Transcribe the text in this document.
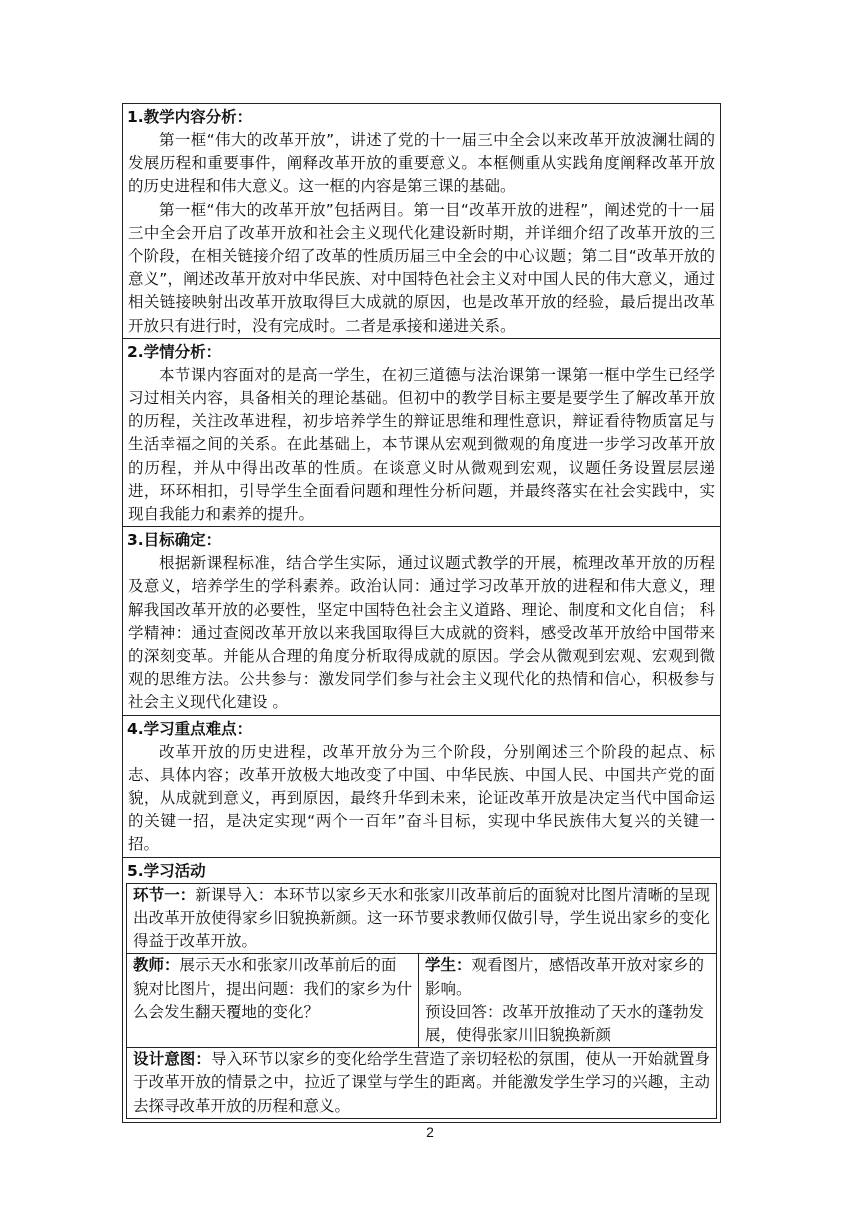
1.教学内容分析：

第一框“伟大的改革开放”，讲述了党的十一届三中全会以来改革开放波澜壮阔的发展历程和重要事件，阐释改革开放的重要意义。本框侧重从实践角度阐释改革开放的历史进程和伟大意义。这一框的内容是第三课的基础。

第一框“伟大的改革开放”包括两目。第一目“改革开放的进程”，阐述党的十一届三中全会开启了改革开放和社会主义现代化建设新时期，并详细介绍了改革开放的三个阶段，在相关链接介绍了改革的性质历届三中全会的中心议题；第二目“改革开放的意义”，阐述改革开放对中华民族、对中国特色社会主义对中国人民的伟大意义，通过相关链接映射出改革开放取得巨大成就的原因，也是改革开放的经验，最后提出改革开放只有进行时，没有完成时。二者是承接和递进关系。

2.学情分析：

本节课内容面对的是高一学生，在初三道德与法治课第一课第一框中学生已经学习过相关内容，具备相关的理论基础。但初中的教学目标主要是要学生了解改革开放的历程，关注改革进程，初步培养学生的辩证思维和理性意识，辩证看待物质富足与生活幸福之间的关系。在此基础上，本节课从宏观到微观的角度进一步学习改革开放的历程，并从中得出改革的性质。在谈意义时从微观到宏观，议题任务设置层层递进，环环相扣，引导学生全面看问题和理性分析问题，并最终落实在社会实践中，实现自我能力和素养的提升。

3.目标确定：

根据新课程标准，结合学生实际，通过议题式教学的开展，梳理改革开放的历程及意义，培养学生的学科素养。政治认同：通过学习改革开放的进程和伟大意义，理解我国改革开放的必要性，坚定中国特色社会主义道路、理论、制度和文化自信； 科学精神：通过查阅改革开放以来我国取得巨大成就的资料，感受改革开放给中国带来的深刻变革。并能从合理的角度分析取得成就的原因。学会从微观到宏观、宏观到微观的思维方法。公共参与：激发同学们参与社会主义现代化的热情和信心，积极参与社会主义现代化建设 。

4.学习重点难点：

改革开放的历史进程，改革开放分为三个阶段，分别阐述三个阶段的起点、标志、具体内容；改革开放极大地改变了中国、中华民族、中国人民、中国共产党的面貌，从成就到意义，再到原因，最终升华到未来，论证改革开放是决定当代中国命运的关键一招，是决定实现“两个一百年”奋斗目标，实现中华民族伟大复兴的关键一招。

5.学习活动
环节一：新课导入：本环节以家乡天水和张家川改革前后的面貌对比图片清晰的呈现出改革开放使得家乡旧貌换新颜。这一环节要求教师仅做引导，学生说出家乡的变化得益于改革开放。
教师：展示天水和张家川改革前后的面貌对比图片，提出问题：我们的家乡为什么会发生翻天覆地的变化？
学生：观看图片，感悟改革开放对家乡的影响。
预设回答：改革开放推动了天水的蓬勃发展，使得张家川旧貌换新颜
设计意图：导入环节以家乡的变化给学生营造了亲切轻松的氛围，使从一开始就置身于改革开放的情景之中，拉近了课堂与学生的距离。并能激发学生学习的兴趣，主动去探寻改革开放的历程和意义。
2
